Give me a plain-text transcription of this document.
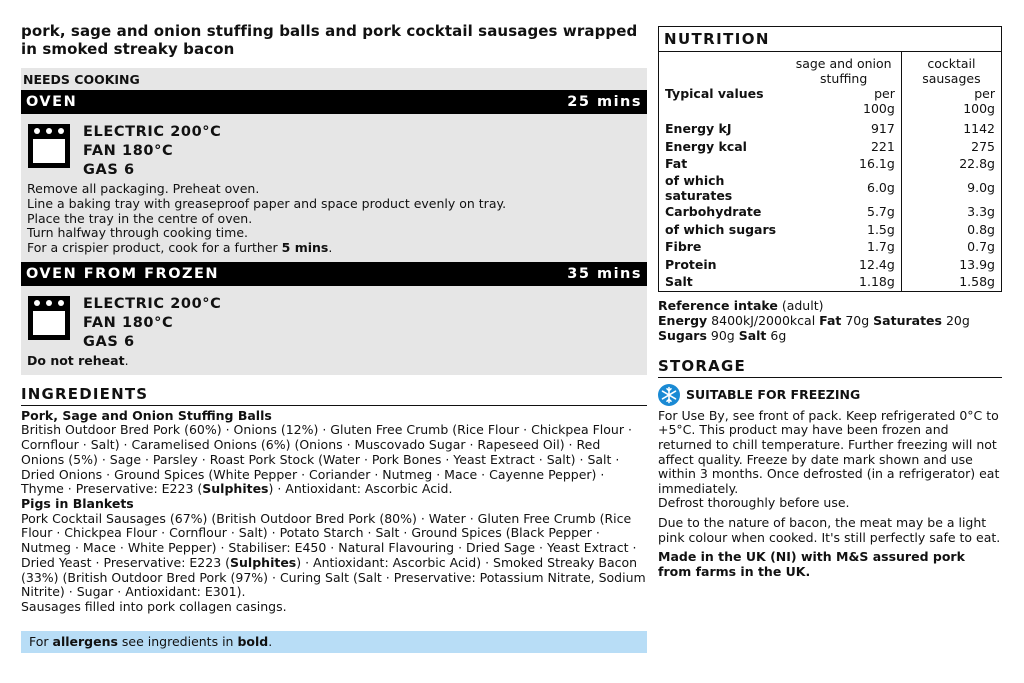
pork, sage and onion stuffing balls and pork cocktail sausages wrapped in smoked streaky bacon
NEEDS COOKING
OVEN	25 mins
ELECTRIC 200°C
FAN 180°C
GAS 6
Remove all packaging. Preheat oven.
Line a baking tray with greaseproof paper and space product evenly on tray.
Place the tray in the centre of oven.
Turn halfway through cooking time.
For a crispier product, cook for a further 5 mins.
OVEN FROM FROZEN	35 mins
ELECTRIC 200°C
FAN 180°C
GAS 6
Do not reheat.
INGREDIENTS
Pork, Sage and Onion Stuffing Balls
British Outdoor Bred Pork (60%) · Onions (12%) · Gluten Free Crumb (Rice Flour · Chickpea Flour · Cornflour · Salt) · Caramelised Onions (6%) (Onions · Muscovado Sugar · Rapeseed Oil) · Red Onions (5%) · Sage · Parsley · Roast Pork Stock (Water · Pork Bones · Yeast Extract · Salt) · Salt · Dried Onions · Ground Spices (White Pepper · Coriander · Nutmeg · Mace · Cayenne Pepper) · Thyme · Preservative: E223 (Sulphites) · Antioxidant: Ascorbic Acid.
Pigs in Blankets
Pork Cocktail Sausages (67%) (British Outdoor Bred Pork (80%) · Water · Gluten Free Crumb (Rice Flour · Chickpea Flour · Cornflour · Salt) · Potato Starch · Salt · Ground Spices (Black Pepper · Nutmeg · Mace · White Pepper) · Stabiliser: E450 · Natural Flavouring · Dried Sage · Yeast Extract · Dried Yeast · Preservative: E223 (Sulphites) · Antioxidant: Ascorbic Acid) · Smoked Streaky Bacon (33%) (British Outdoor Bred Pork (97%) · Curing Salt (Salt · Preservative: Potassium Nitrate, Sodium Nitrite) · Sugar · Antioxidant: E301).
Sausages filled into pork collagen casings.
For allergens see ingredients in bold.
NUTRITION		
	sage and onion stuffing	cocktail sausages
Typical values	per 100g	per 100g
Energy kJ	917	1142
Energy kcal	221	275
Fat	16.1g	22.8g
of which saturates	6.0g	9.0g
Carbohydrate	5.7g	3.3g
of which sugars	1.5g	0.8g
Fibre	1.7g	0.7g
Protein	12.4g	13.9g
Salt	1.18g	1.58g
Reference intake (adult)
Energy 8400kJ/2000kcal Fat 70g Saturates 20g
Sugars 90g Salt 6g
STORAGE
SUITABLE FOR FREEZING
For Use By, see front of pack. Keep refrigerated 0°C to +5°C. This product may have been frozen and returned to chill temperature. Further freezing will not affect quality. Freeze by date mark shown and use within 3 months. Once defrosted (in a refrigerator) eat immediately.

Defrost thoroughly before use.

Due to the nature of bacon, the meat may be a light pink colour when cooked. It's still perfectly safe to eat.

Made in the UK (NI) with M&S assured pork from farms in the UK.
